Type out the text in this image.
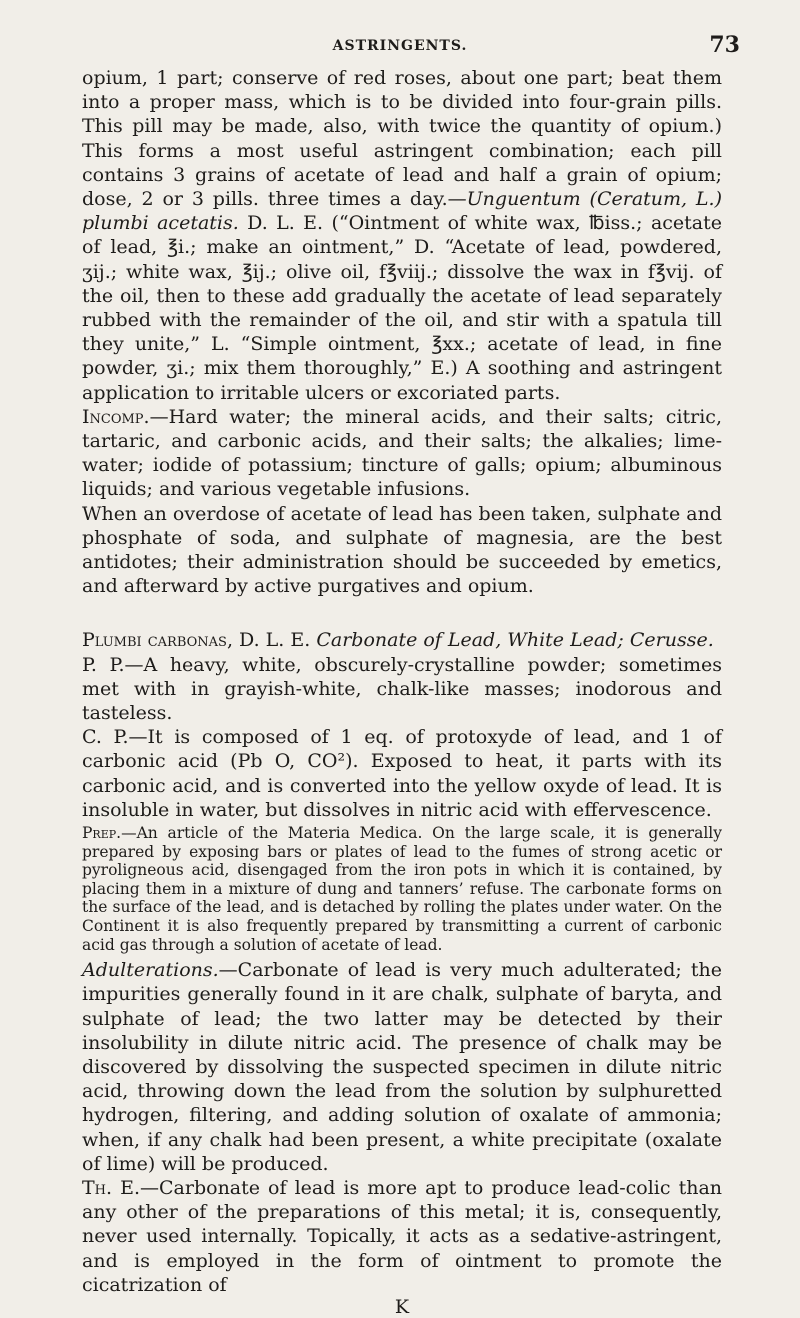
ASTRINGENTS.	73

opium, 1 part; conserve of red roses, about one part; beat them into a proper mass, which is to be divided into four-grain pills. This pill may be made, also, with twice the quantity of opium.) This forms a most useful astringent combination; each pill contains 3 grains of acetate of lead and half a grain of opium; dose, 2 or 3 pills. three times a day.—Unguentum (Ceratum, L.) plumbi acetatis. D. L. E. (“Ointment of white wax, ℔iss.; acetate of lead, ℥i.; make an ointment,” D. “Acetate of lead, powdered, ʒij.; white wax, ℥ij.; olive oil, f℥viij.; dissolve the wax in f℥vij. of the oil, then to these add gradually the acetate of lead separately rubbed with the remainder of the oil, and stir with a spatula till they unite,” L. “Simple ointment, ℥xx.; acetate of lead, in fine powder, ʒi.; mix them thoroughly,” E.) A soothing and astringent application to irritable ulcers or excoriated parts.

Incomp.—Hard water; the mineral acids, and their salts; citric, tartaric, and carbonic acids, and their salts; the alkalies; lime-water; iodide of potassium; tincture of galls; opium; albuminous liquids; and various vegetable infusions.

When an overdose of acetate of lead has been taken, sulphate and phosphate of soda, and sulphate of magnesia, are the best antidotes; their administration should be succeeded by emetics, and afterward by active purgatives and opium.

Plumbi carbonas, D. L. E. Carbonate of Lead, White Lead; Cerusse.

P. P.—A heavy, white, obscurely-crystalline powder; sometimes met with in grayish-white, chalk-like masses; inodorous and tasteless.

C. P.—It is composed of 1 eq. of protoxyde of lead, and 1 of carbonic acid (Pb O, CO²). Exposed to heat, it parts with its carbonic acid, and is converted into the yellow oxyde of lead. It is insoluble in water, but dissolves in nitric acid with effervescence.

Prep.—An article of the Materia Medica. On the large scale, it is generally prepared by exposing bars or plates of lead to the fumes of strong acetic or pyroligneous acid, disengaged from the iron pots in which it is contained, by placing them in a mixture of dung and tanners’ refuse. The carbonate forms on the surface of the lead, and is detached by rolling the plates under water. On the Continent it is also frequently prepared by transmitting a current of carbonic acid gas through a solution of acetate of lead.

Adulterations.—Carbonate of lead is very much adulterated; the impurities generally found in it are chalk, sulphate of baryta, and sulphate of lead; the two latter may be detected by their insolubility in dilute nitric acid. The presence of chalk may be discovered by dissolving the suspected specimen in dilute nitric acid, throwing down the lead from the solution by sulphuretted hydrogen, filtering, and adding solution of oxalate of ammonia; when, if any chalk had been present, a white precipitate (oxalate of lime) will be produced.

Th. E.—Carbonate of lead is more apt to produce lead-colic than any other of the preparations of this metal; it is, consequently, never used internally. Topically, it acts as a sedative-astringent, and is employed in the form of ointment to promote the cicatrization of

K
